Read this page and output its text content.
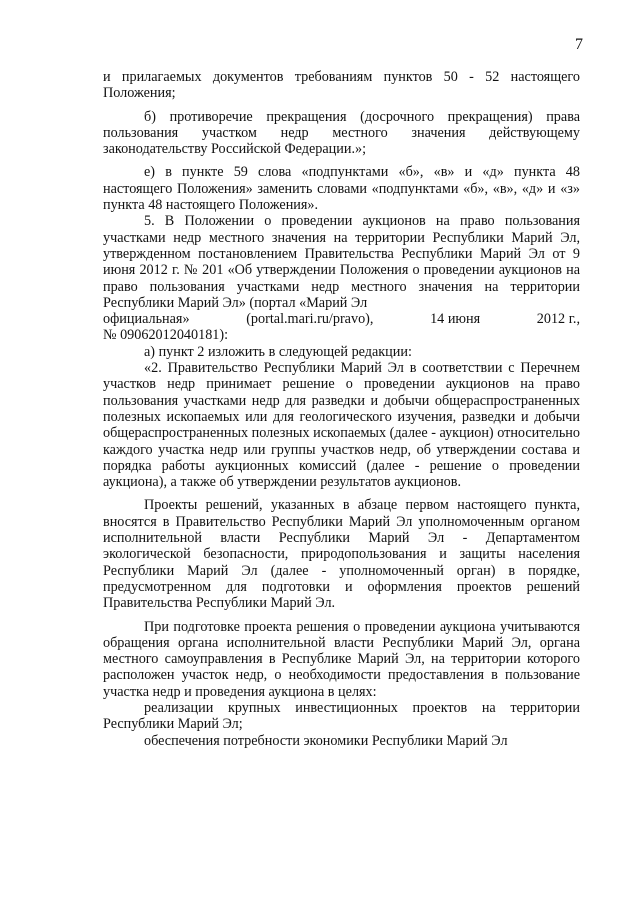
7

и прилагаемых документов требованиям пунктов 50 - 52 настоящего Положения;

б) противоречие прекращения (досрочного прекращения) права пользования участком недр местного значения действующему законодательству Российской Федерации.»;

е) в пункте 59 слова «подпунктами «б», «в» и «д» пункта 48 настоящего Положения» заменить словами «подпунктами «б», «в», «д» и «з» пункта 48 настоящего Положения».

5. В Положении о проведении аукционов на право пользования участками недр местного значения на территории Республики Марий Эл, утвержденном постановлением Правительства Республики Марий Эл от 9 июня 2012 г. № 201 «Об утверждении Положения о проведении аукционов на право пользования участками недр местного значения на территории Республики Марий Эл» (портал «Марий Эл

официальная»	(portal.mari.ru/pravo),	14 июня	2012 г.,

№ 09062012040181):

а) пункт 2 изложить в следующей редакции:

«2. Правительство Республики Марий Эл в соответствии с Перечнем участков недр принимает решение о проведении аукционов на право пользования участками недр для разведки и добычи общераспространенных полезных ископаемых или для геологического изучения, разведки и добычи общераспространенных полезных ископаемых (далее - аукцион) относительно каждого участка недр или группы участков недр, об утверждении состава и порядка работы аукционных комиссий (далее - решение о проведении аукциона), а также об утверждении результатов аукционов.

Проекты решений, указанных в абзаце первом настоящего пункта, вносятся в Правительство Республики Марий Эл уполномоченным органом исполнительной власти Республики Марий Эл - Департаментом экологической безопасности, природопользования и защиты населения Республики Марий Эл (далее - уполномоченный орган) в порядке, предусмотренном для подготовки и оформления проектов решений Правительства Республики Марий Эл.

При подготовке проекта решения о проведении аукциона учитываются обращения органа исполнительной власти Республики Марий Эл, органа местного самоуправления в Республике Марий Эл, на территории которого расположен участок недр, о необходимости предоставления в пользование участка недр и проведения аукциона в целях:

реализации крупных инвестиционных проектов на территории Республики Марий Эл;

обеспечения потребности экономики Республики Марий Эл
